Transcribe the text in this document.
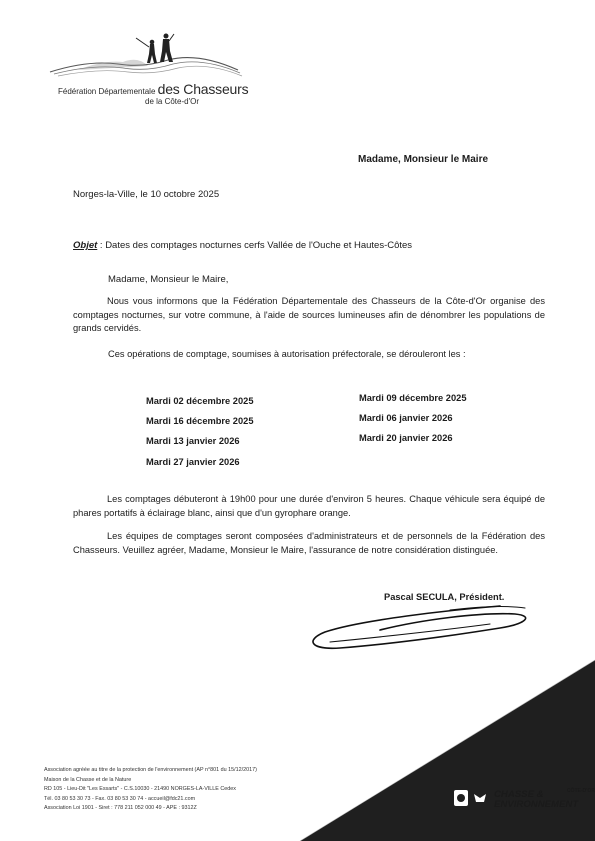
Fédération Départementale des Chasseurs
de la Côte-d'Or
Madame, Monsieur le Maire
Norges-la-Ville, le 10 octobre 2025
Objet : Dates des comptages nocturnes cerfs Vallée de l'Ouche et Hautes-Côtes
Madame, Monsieur le Maire,
Nous vous informons que la Fédération Départementale des Chasseurs de la Côte-d'Or organise des comptages nocturnes, sur votre commune, à l'aide de sources lumineuses afin de dénombrer les populations de grands cervidés.
Ces opérations de comptage, soumises à autorisation préfectorale, se dérouleront les :
Mardi 02 décembre 2025
Mardi 16 décembre 2025
Mardi 13 janvier 2026
Mardi 27 janvier 2026
Mardi 09 décembre 2025
Mardi 06 janvier 2026
Mardi 20 janvier 2026
Les comptages débuteront à 19h00 pour une durée d'environ 5 heures. Chaque véhicule sera équipé de phares portatifs à éclairage blanc, ainsi que d'un gyrophare orange.
Les équipes de comptages seront composées d'administrateurs et de personnels de la Fédération des Chasseurs. Veuillez agréer, Madame, Monsieur le Maire, l'assurance de notre considération distinguée.
Pascal SECULA, Président.
Association agréée au titre de la protection de l'environnement (AP n°801 du 15/12/2017)
Maison de la Chasse et de la Nature
RD 105 - Lieu-Dit "Les Essarts" - C.S.10030 - 21490 NORGES-LA-VILLE Cedex
Tél. 03 80 53 30 73 - Fax. 03 80 53 30 74 - accueil@fdc21.com
Association Loi 1901 - Siret : 778 211 052 000 49 - APE : 9312Z
CÔTE-D'OR
CHASSE &
ENVIRONNEMENT
